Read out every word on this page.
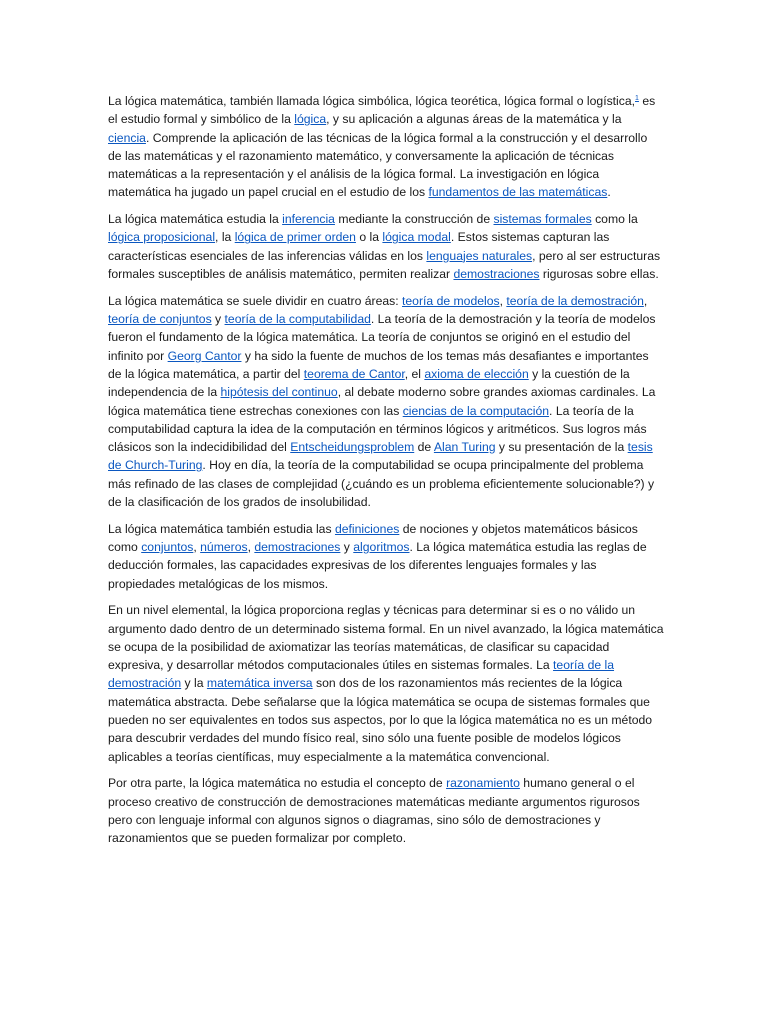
La lógica matemática, también llamada lógica simbólica, lógica teorética, lógica formal o logística,$^1$ es el estudio formal y simbólico de la lógica, y su aplicación a algunas áreas de la matemática y la ciencia. Comprende la aplicación de las técnicas de la lógica formal a la construcción y el desarrollo de las matemáticas y el razonamiento matemático, y conversamente la aplicación de técnicas matemáticas a la representación y el análisis de la lógica formal. La investigación en lógica matemática ha jugado un papel crucial en el estudio de los fundamentos de las matemáticas.

La lógica matemática estudia la inferencia mediante la construcción de sistemas formales como la lógica proposicional, la lógica de primer orden o la lógica modal. Estos sistemas capturan las características esenciales de las inferencias válidas en los lenguajes naturales, pero al ser estructuras formales susceptibles de análisis matemático, permiten realizar demostraciones rigurosas sobre ellas.

La lógica matemática se suele dividir en cuatro áreas: teoría de modelos, teoría de la demostración, teoría de conjuntos y teoría de la computabilidad. La teoría de la demostración y la teoría de modelos fueron el fundamento de la lógica matemática. La teoría de conjuntos se originó en el estudio del infinito por Georg Cantor y ha sido la fuente de muchos de los temas más desafiantes e importantes de la lógica matemática, a partir del teorema de Cantor, el axioma de elección y la cuestión de la independencia de la hipótesis del continuo, al debate moderno sobre grandes axiomas cardinales. La lógica matemática tiene estrechas conexiones con las ciencias de la computación. La teoría de la computabilidad captura la idea de la computación en términos lógicos y aritméticos. Sus logros más clásicos son la indecidibilidad del Entscheidungsproblem de Alan Turing y su presentación de la tesis de Church-Turing. Hoy en día, la teoría de la computabilidad se ocupa principalmente del problema más refinado de las clases de complejidad (¿cuándo es un problema eficientemente solucionable?) y de la clasificación de los grados de insolubilidad.

La lógica matemática también estudia las definiciones de nociones y objetos matemáticos básicos como conjuntos, números, demostraciones y algoritmos. La lógica matemática estudia las reglas de deducción formales, las capacidades expresivas de los diferentes lenguajes formales y las propiedades metalógicas de los mismos.

En un nivel elemental, la lógica proporciona reglas y técnicas para determinar si es o no válido un argumento dado dentro de un determinado sistema formal. En un nivel avanzado, la lógica matemática se ocupa de la posibilidad de axiomatizar las teorías matemáticas, de clasificar su capacidad expresiva, y desarrollar métodos computacionales útiles en sistemas formales. La teoría de la demostración y la matemática inversa son dos de los razonamientos más recientes de la lógica matemática abstracta. Debe señalarse que la lógica matemática se ocupa de sistemas formales que pueden no ser equivalentes en todos sus aspectos, por lo que la lógica matemática no es un método para descubrir verdades del mundo físico real, sino sólo una fuente posible de modelos lógicos aplicables a teorías científicas, muy especialmente a la matemática convencional.

Por otra parte, la lógica matemática no estudia el concepto de razonamiento humano general o el proceso creativo de construcción de demostraciones matemáticas mediante argumentos rigurosos pero con lenguaje informal con algunos signos o diagramas, sino sólo de demostraciones y razonamientos que se pueden formalizar por completo.
